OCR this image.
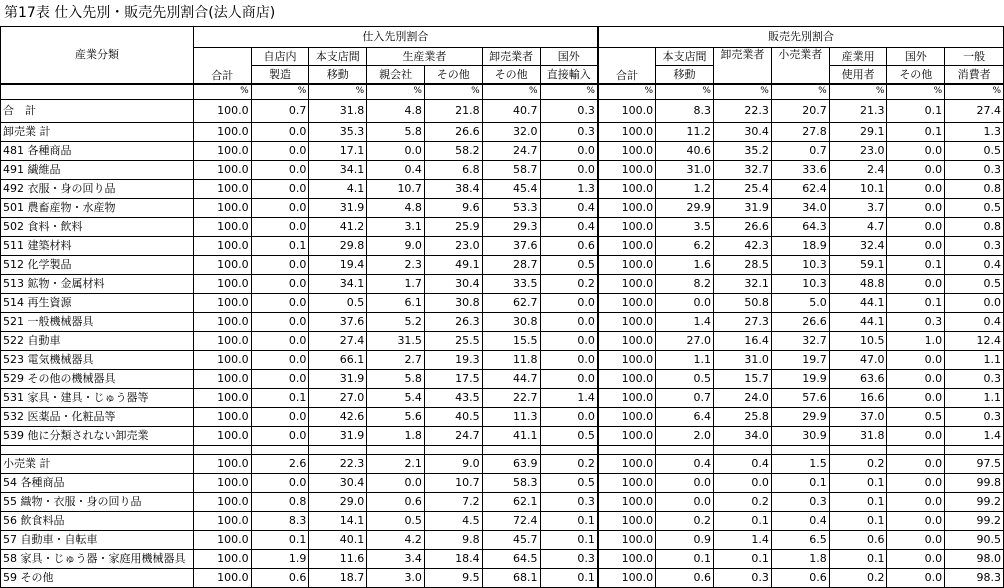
第17表 仕入先別・販売先別割合(法人商店)
産業分類	仕入先別割合							販売先別割合						
	合計	自店内	本支店間	生産業者		卸売業者	国外	合計	本支店間	卸売業者	小売業者	産業用	国外	一般
		製造	移動	親会社	その他	その他	直接輸入		移動			使用者	その他	消費者
	%	%	%	%	%	%	%	%	%	%	%	%	%	%
合　計	100.0	0.7	31.8	4.8	21.8	40.7	0.3	100.0	8.3	22.3	20.7	21.3	0.1	27.4
卸売業 計	100.0	0.0	35.3	5.8	26.6	32.0	0.3	100.0	11.2	30.4	27.8	29.1	0.1	1.3
481 各種商品	100.0	0.0	17.1	0.0	58.2	24.7	0.0	100.0	40.6	35.2	0.7	23.0	0.0	0.5
491 繊維品	100.0	0.0	34.1	0.4	6.8	58.7	0.0	100.0	31.0	32.7	33.6	2.4	0.0	0.3
492 衣服・身の回り品	100.0	0.0	4.1	10.7	38.4	45.4	1.3	100.0	1.2	25.4	62.4	10.1	0.0	0.8
501 農畜産物・水産物	100.0	0.0	31.9	4.8	9.6	53.3	0.4	100.0	29.9	31.9	34.0	3.7	0.0	0.5
502 食料・飲料	100.0	0.0	41.2	3.1	25.9	29.3	0.4	100.0	3.5	26.6	64.3	4.7	0.0	0.8
511 建築材料	100.0	0.1	29.8	9.0	23.0	37.6	0.6	100.0	6.2	42.3	18.9	32.4	0.0	0.3
512 化学製品	100.0	0.0	19.4	2.3	49.1	28.7	0.5	100.0	1.6	28.5	10.3	59.1	0.1	0.4
513 鉱物・金属材料	100.0	0.0	34.1	1.7	30.4	33.5	0.2	100.0	8.2	32.1	10.3	48.8	0.0	0.5
514 再生資源	100.0	0.0	0.5	6.1	30.8	62.7	0.0	100.0	0.0	50.8	5.0	44.1	0.1	0.0
521 一般機械器具	100.0	0.0	37.6	5.2	26.3	30.8	0.0	100.0	1.4	27.3	26.6	44.1	0.3	0.4
522 自動車	100.0	0.0	27.4	31.5	25.5	15.5	0.0	100.0	27.0	16.4	32.7	10.5	1.0	12.4
523 電気機械器具	100.0	0.0	66.1	2.7	19.3	11.8	0.0	100.0	1.1	31.0	19.7	47.0	0.0	1.1
529 その他の機械器具	100.0	0.0	31.9	5.8	17.5	44.7	0.0	100.0	0.5	15.7	19.9	63.6	0.0	0.3
531 家具・建具・じゅう器等	100.0	0.1	27.0	5.4	43.5	22.7	1.4	100.0	0.7	24.0	57.6	16.6	0.0	1.1
532 医薬品・化粧品等	100.0	0.0	42.6	5.6	40.5	11.3	0.0	100.0	6.4	25.8	29.9	37.0	0.5	0.3
539 他に分類されない卸売業	100.0	0.0	31.9	1.8	24.7	41.1	0.5	100.0	2.0	34.0	30.9	31.8	0.0	1.4

小売業 計	100.0	2.6	22.3	2.1	9.0	63.9	0.2	100.0	0.4	0.4	1.5	0.2	0.0	97.5
54 各種商品	100.0	0.0	30.4	0.0	10.7	58.3	0.5	100.0	0.0	0.0	0.1	0.1	0.0	99.8
55 織物・衣服・身の回り品	100.0	0.8	29.0	0.6	7.2	62.1	0.3	100.0	0.0	0.2	0.3	0.1	0.0	99.2
56 飲食料品	100.0	8.3	14.1	0.5	4.5	72.4	0.1	100.0	0.2	0.1	0.4	0.1	0.0	99.2
57 自動車・自転車	100.0	0.1	40.1	4.2	9.8	45.7	0.1	100.0	0.9	1.4	6.5	0.6	0.0	90.5
58 家具・じゅう器・家庭用機械器具	100.0	1.9	11.6	3.4	18.4	64.5	0.3	100.0	0.1	0.1	1.8	0.1	0.0	98.0
59 その他	100.0	0.6	18.7	3.0	9.5	68.1	0.1	100.0	0.6	0.3	0.6	0.2	0.0	98.3
